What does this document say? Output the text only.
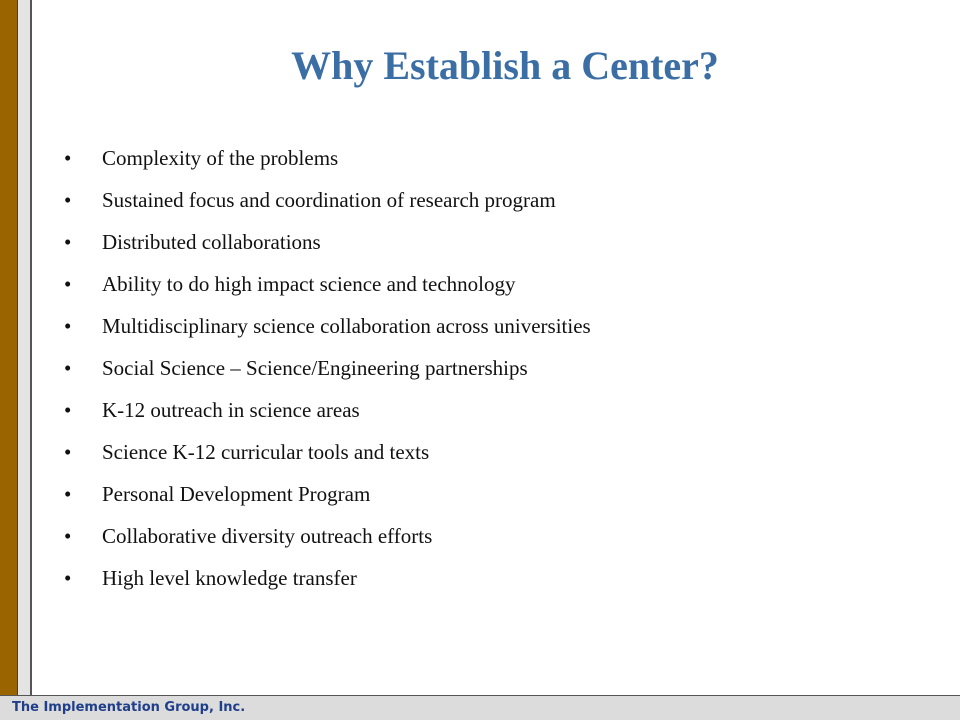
Why Establish a Center?
•	Complexity of the problems
•	Sustained focus and coordination of research program
•	Distributed collaborations
•	Ability to do high impact science and technology
•	Multidisciplinary science collaboration across universities
•	Social Science – Science/Engineering partnerships
•	K-12 outreach in science areas
•	Science K-12 curricular tools and texts
•	Personal Development Program
•	Collaborative diversity outreach efforts
•	High level knowledge transfer
The Implementation Group, Inc.
